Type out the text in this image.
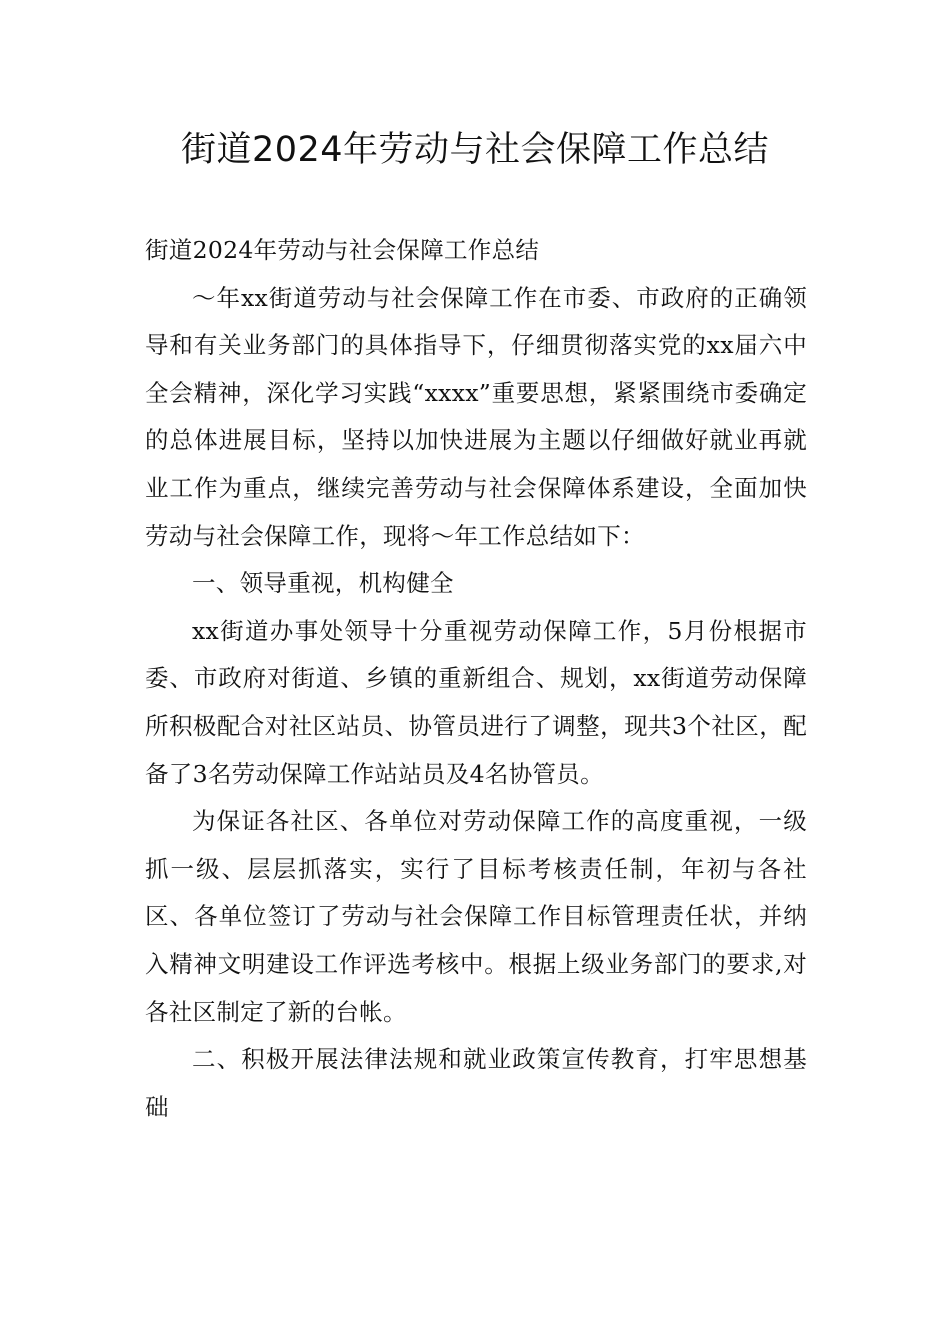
街道2024年劳动与社会保障工作总结

街道2024年劳动与社会保障工作总结

～年xx街道劳动与社会保障工作在市委、市政府的正确领导和有关业务部门的具体指导下，仔细贯彻落实党的xx届六中全会精神，深化学习实践“xxxx”重要思想，紧紧围绕市委确定的总体进展目标，坚持以加快进展为主题以仔细做好就业再就业工作为重点，继续完善劳动与社会保障体系建设，全面加快劳动与社会保障工作，现将～年工作总结如下：

一、领导重视，机构健全

xx街道办事处领导十分重视劳动保障工作，5月份根据市委、市政府对街道、乡镇的重新组合、规划，xx街道劳动保障所积极配合对社区站员、协管员进行了调整，现共3个社区，配备了3名劳动保障工作站站员及4名协管员。

为保证各社区、各单位对劳动保障工作的高度重视，一级抓一级、层层抓落实，实行了目标考核责任制，年初与各社区、各单位签订了劳动与社会保障工作目标管理责任状，并纳入精神文明建设工作评选考核中。根据上级业务部门的要求,对各社区制定了新的台帐。

二、积极开展法律法规和就业政策宣传教育，打牢思想基础
